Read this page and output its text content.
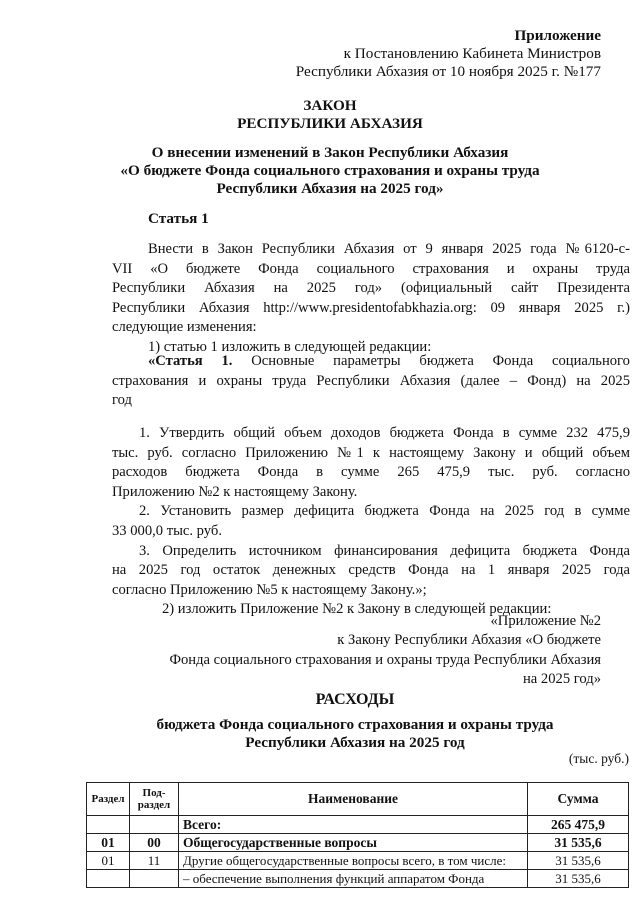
Приложение
к Постановлению Кабинета Министров
Республики Абхазия от 10 ноября 2025 г. №177
ЗАКОН
РЕСПУБЛИКИ АБХАЗИЯ
О внесении изменений в Закон Республики Абхазия
«О бюджете Фонда социального страхования и охраны труда
Республики Абхазия на 2025 год»
Статья 1
Внести в Закон Республики Абхазия от 9 января 2025 года №6120-с-
VII «О бюджете Фонда социального страхования и охраны труда
Республики Абхазия на 2025 год» (официальный сайт Президента
Республики Абхазия http://www.presidentofabkhazia.org: 09 января 2025 г.)
следующие изменения:
1) статью 1 изложить в следующей редакции:
«Статья 1. Основные параметры бюджета Фонда социального
страхования и охраны труда Республики Абхазия (далее – Фонд) на 2025
год
1. Утвердить общий объем доходов бюджета Фонда в сумме 232 475,9
тыс. руб. согласно Приложению №1 к настоящему Закону и общий объем
расходов бюджета Фонда в сумме 265 475,9 тыс. руб. согласно
Приложению №2 к настоящему Закону.
2. Установить размер дефицита бюджета Фонда на 2025 год в сумме
33 000,0 тыс. руб.
3. Определить источником финансирования дефицита бюджета Фонда
на 2025 год остаток денежных средств Фонда на 1 января 2025 года
согласно Приложению №5 к настоящему Закону.»;
2) изложить Приложение №2 к Закону в следующей редакции:
«Приложение №2
к Закону Республики Абхазия «О бюджете
Фонда социального страхования и охраны труда Республики Абхазия
на 2025 год»
РАСХОДЫ
бюджета Фонда социального страхования и охраны труда
Республики Абхазия на 2025 год
(тыс. руб.)
Раздел	Под-раздел	Наименование	Сумма
		Всего:	265 475,9
01	00	Общегосударственные вопросы	31 535,6
01	11	Другие общегосударственные вопросы всего, в том числе:	31 535,6
		– обеспечение выполнения функций аппаратом Фонда	31 535,6
